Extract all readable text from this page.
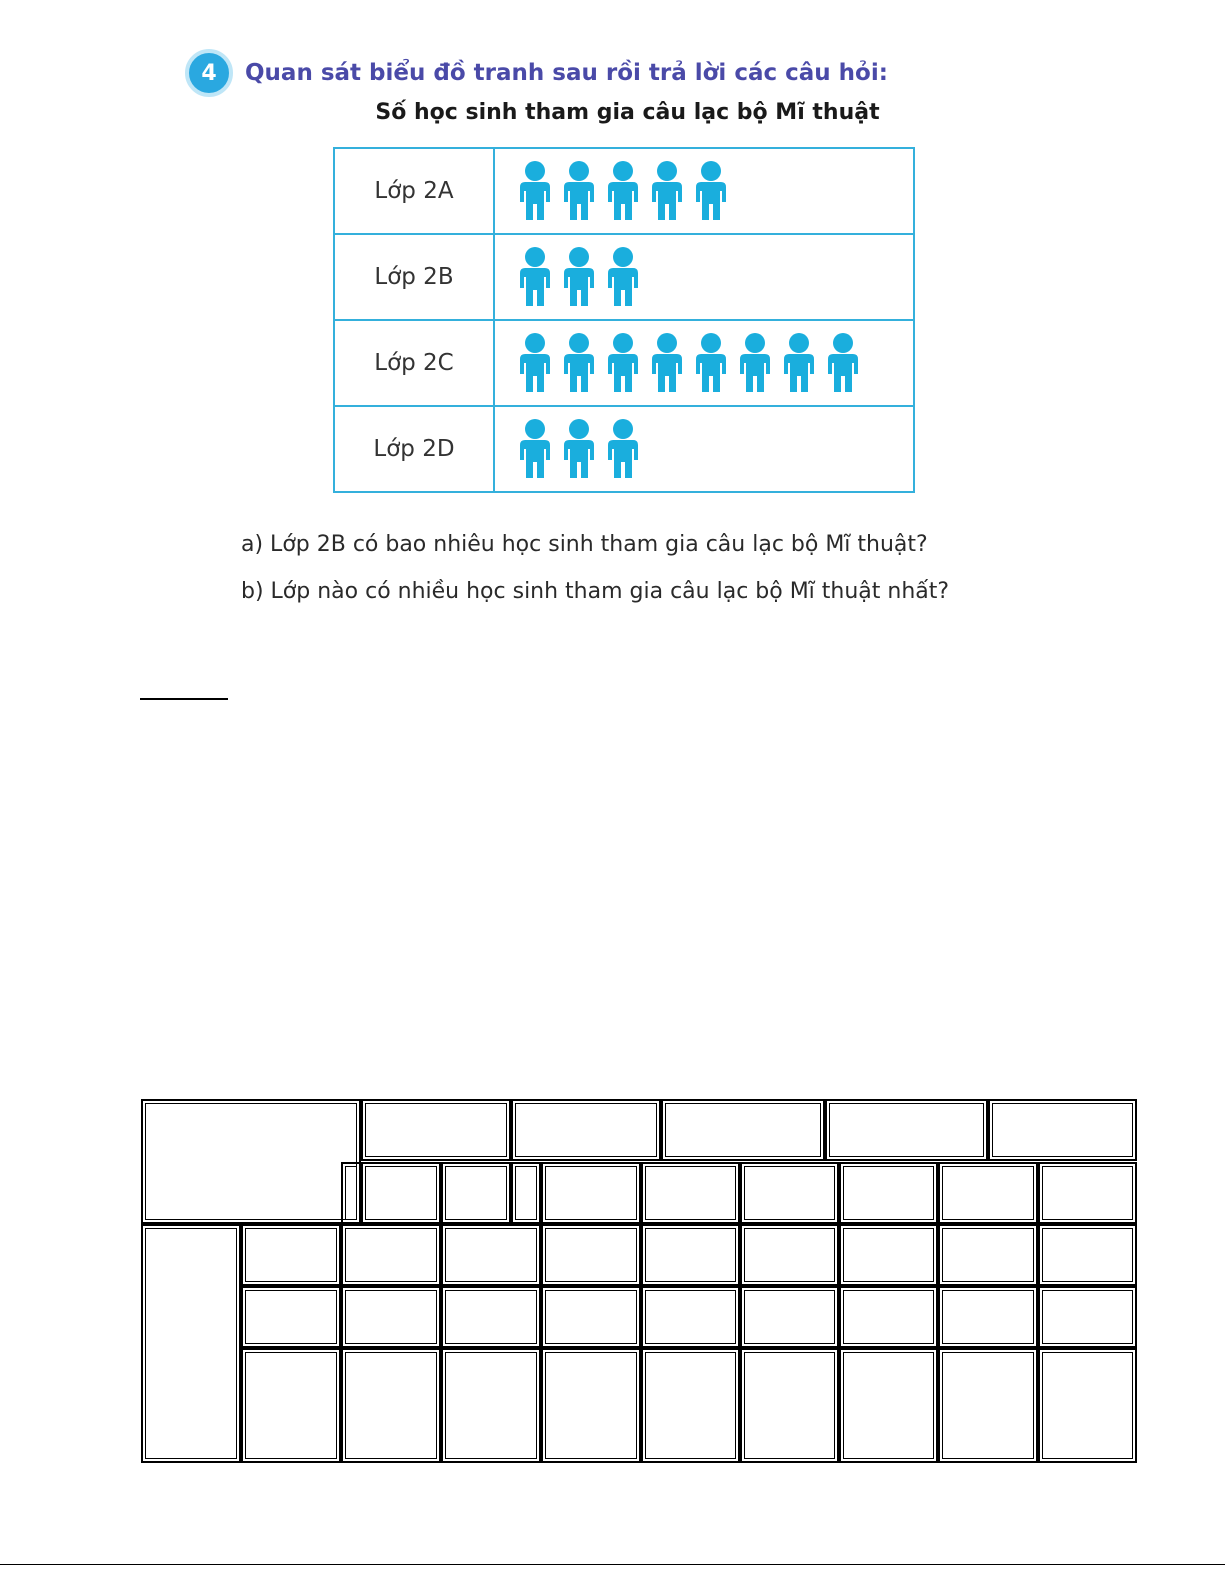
4	Quan sát biểu đồ tranh sau rồi trả lời các câu hỏi:
Số học sinh tham gia câu lạc bộ Mĩ thuật
Lớp 2A	

Lớp 2B	

Lớp 2C	

Lớp 2D	
a) Lớp 2B có bao nhiêu học sinh tham gia câu lạc bộ Mĩ thuật?
b) Lớp nào có nhiều học sinh tham gia câu lạc bộ Mĩ thuật nhất?
